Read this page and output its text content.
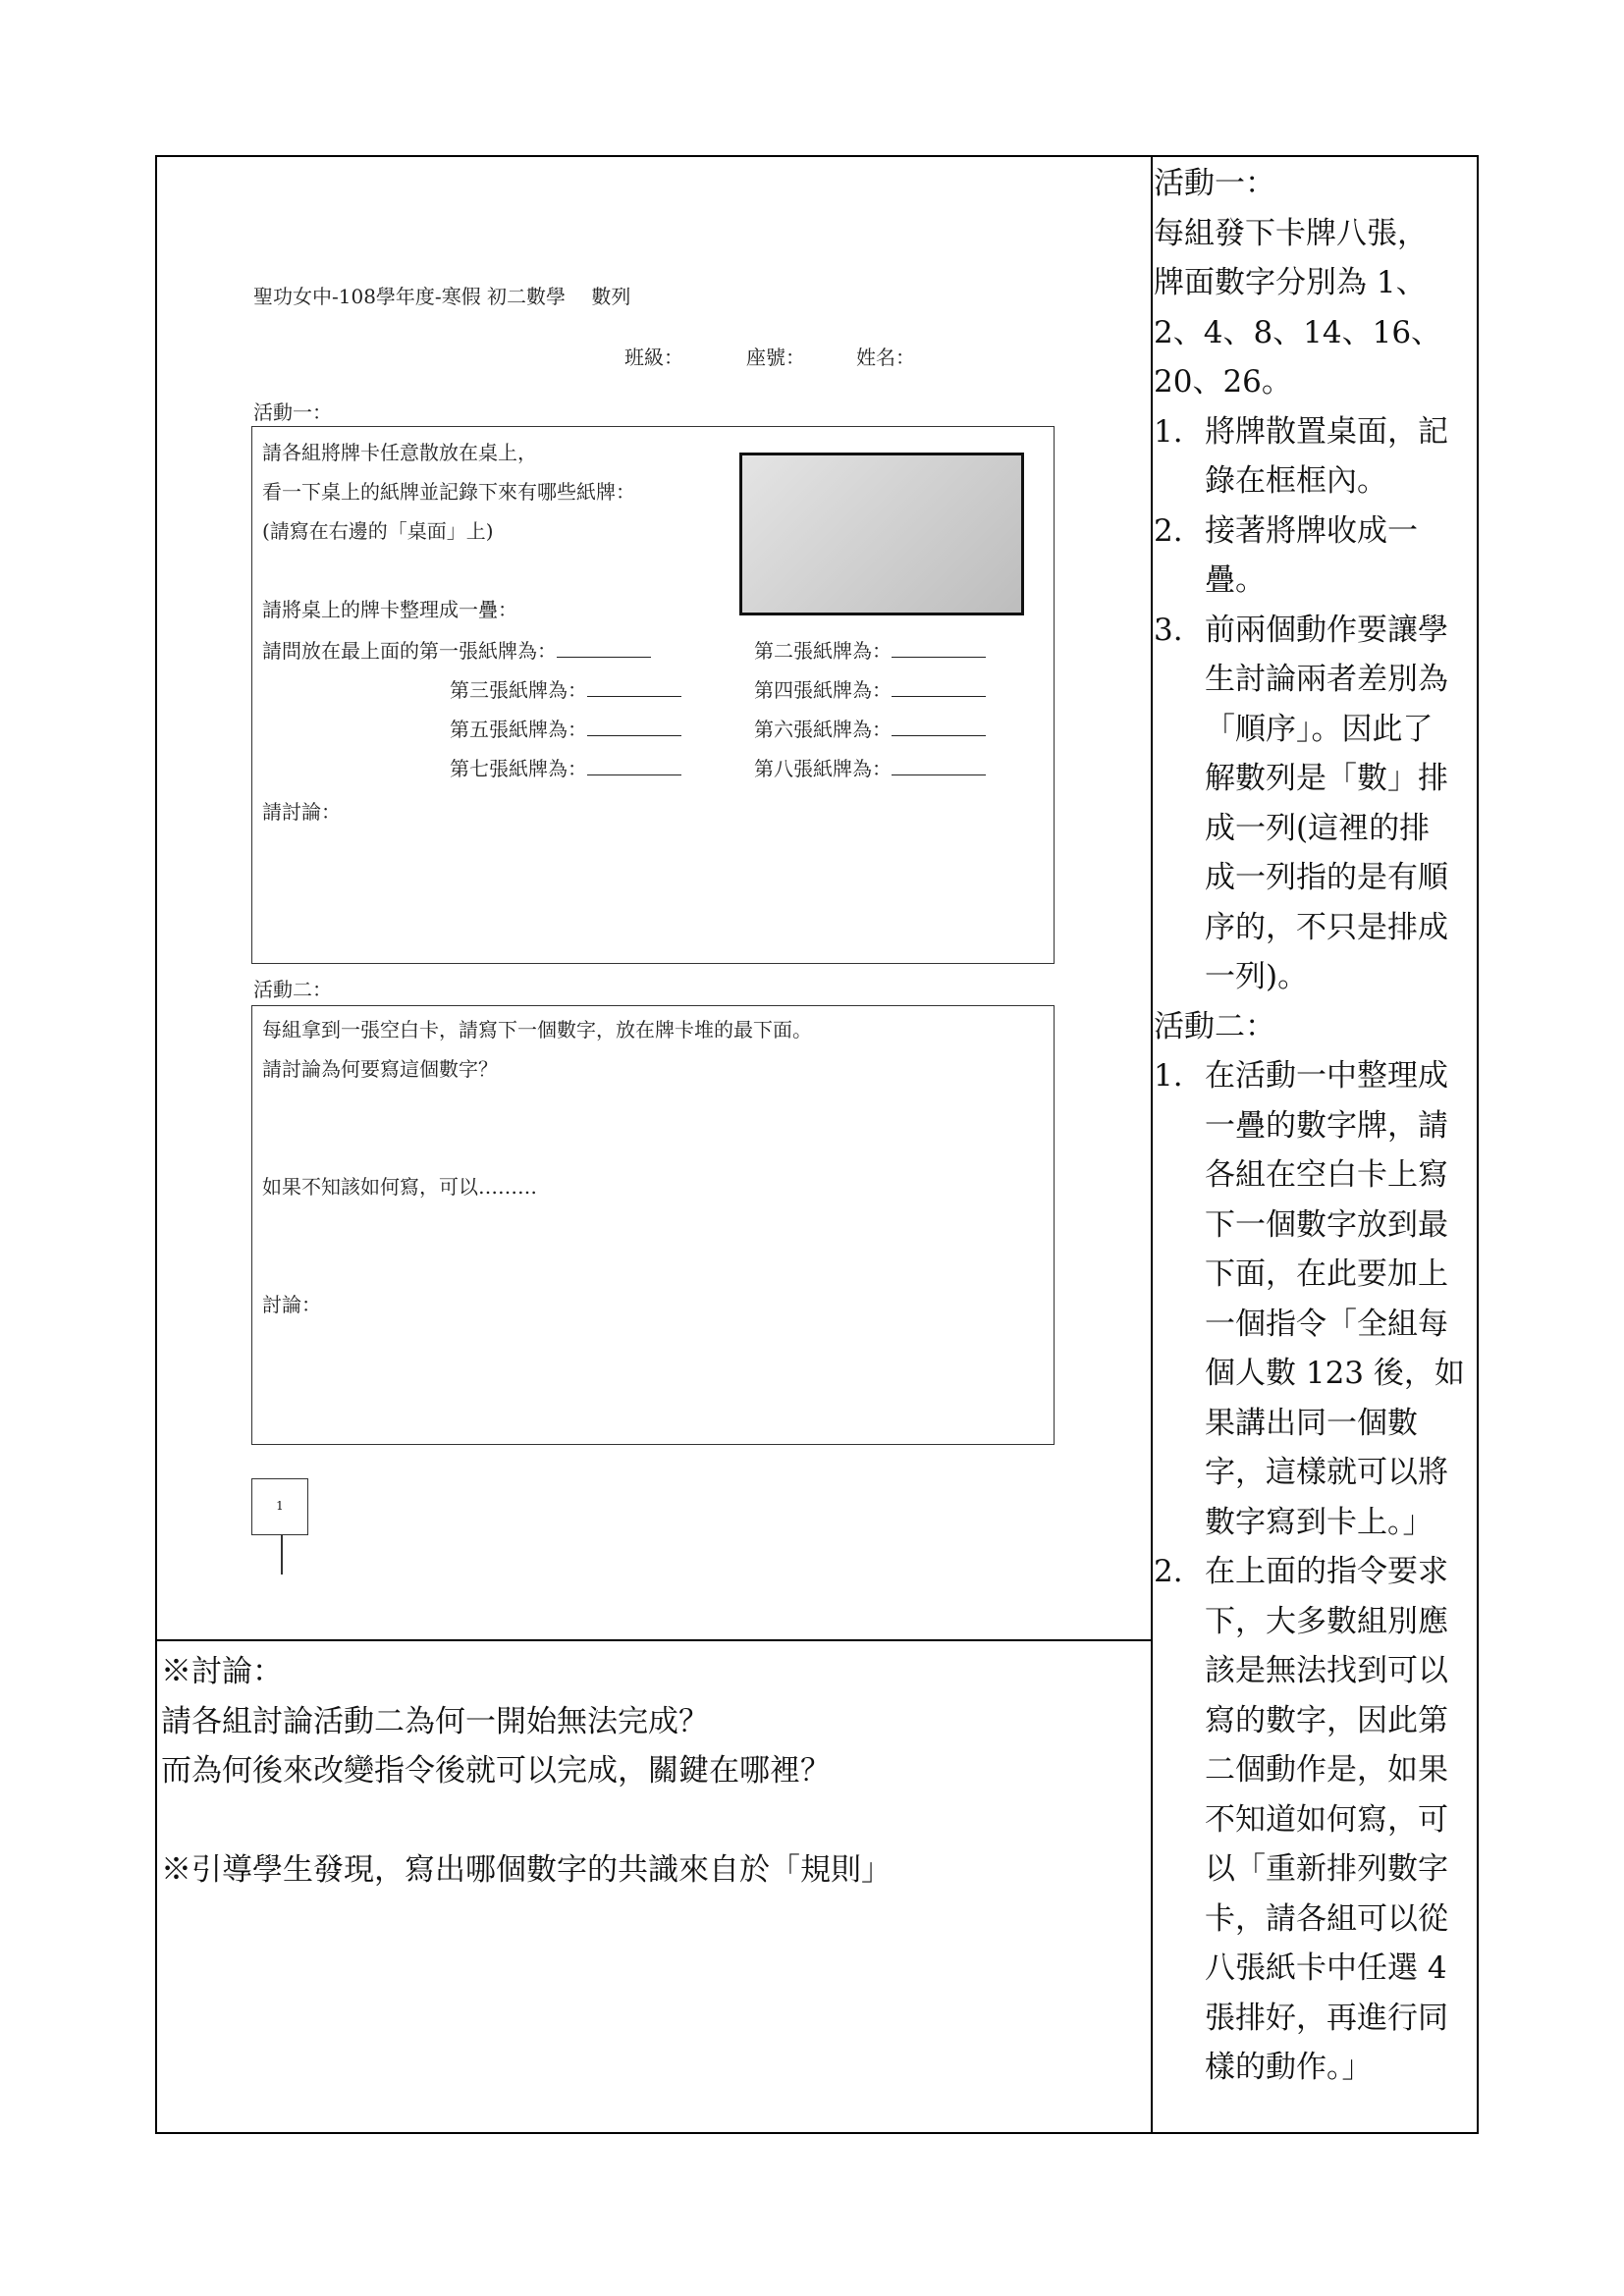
聖功女中-108學年度-寒假 初二數學　 數列
班級：	座號：	姓名：
活動一：
請各組將牌卡任意散放在桌上，
看一下桌上的紙牌並記錄下來有哪些紙牌：
(請寫在右邊的「桌面」上)
請將桌上的牌卡整理成一疊：
請問放在最上面的第一張紙牌為：	第二張紙牌為：
第三張紙牌為：	第四張紙牌為：
第五張紙牌為：	第六張紙牌為：
第七張紙牌為：	第八張紙牌為：
請討論：
活動二：
每組拿到一張空白卡，請寫下一個數字，放在牌卡堆的最下面。
請討論為何要寫這個數字？
如果不知該如何寫，可以………
討論：
1
※討論：
請各組討論活動二為何一開始無法完成？
而為何後來改變指令後就可以完成，關鍵在哪裡？
※引導學生發現，寫出哪個數字的共識來自於「規則」
活動一：
每組發下卡牌八張，
牌面數字分別為 1、
2、4、8、14、16、
20、26。
1. 將牌散置桌面，記
錄在框框內。
2. 接著將牌收成一
疊。
3. 前兩個動作要讓學
生討論兩者差別為
「順序」。因此了
解數列是「數」排
成一列(這裡的排
成一列指的是有順
序的，不只是排成
一列)。
活動二：
1. 在活動一中整理成
一疊的數字牌，請
各組在空白卡上寫
下一個數字放到最
下面，在此要加上
一個指令「全組每
個人數 123 後，如
果講出同一個數
字，這樣就可以將
數字寫到卡上。」
2. 在上面的指令要求
下，大多數組別應
該是無法找到可以
寫的數字，因此第
二個動作是，如果
不知道如何寫，可
以「重新排列數字
卡，請各組可以從
八張紙卡中任選 4
張排好，再進行同
樣的動作。」
